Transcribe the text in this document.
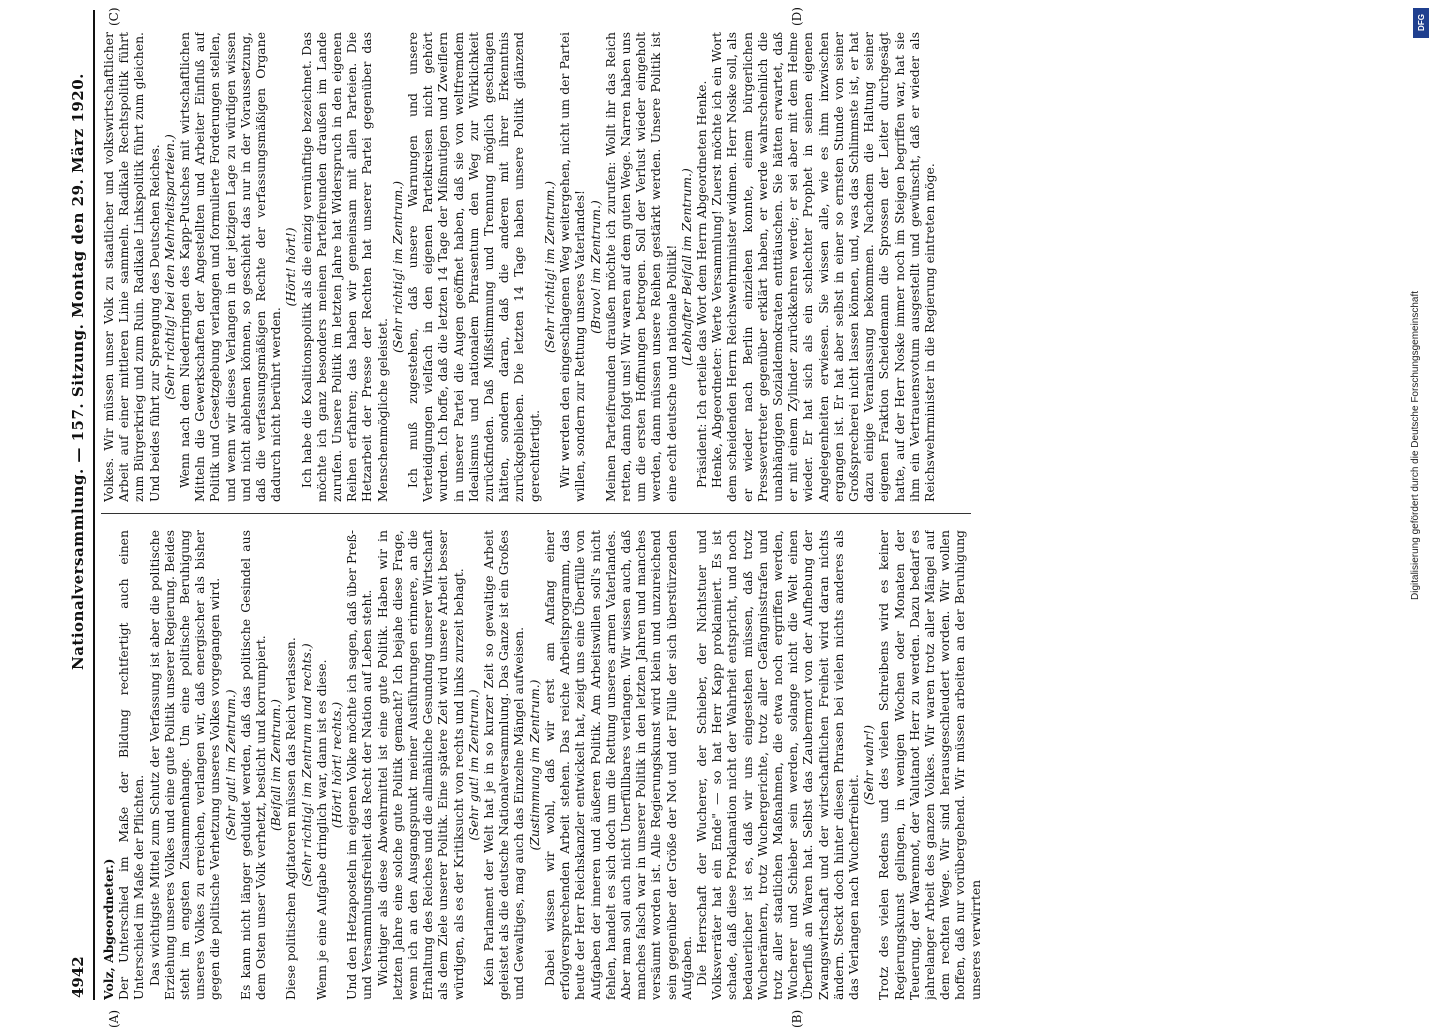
4942
Nationalversammlung. — 157. Sitzung. Montag den 29. März 1920.

Volz, Abgeordneter.) Der Unterschied im Maße der Bildung rechtfertigt auch einen Unterschied im Maße der Pflichten. Das wichtigste Mittel zum Schutz der Verfassung ist aber die politische Erziehung unseres Volkes und eine gute Politik unserer Regierung. Beides steht im engsten Zusammenhange. Um eine politische Beruhigung unseres Volkes zu erreichen, verlangen wir, daß energischer als bisher gegen die politische Verhetzung unseres Volkes vorgegangen wird. (Sehr gut! im Zentrum.) Es kann nicht länger geduldet werden, daß das politische Gesindel aus dem Osten unser Volk verhetzt, besticht und korrumpiert. (Beifall im Zentrum.) Diese politischen Agitatoren müssen das Reich verlassen. (Sehr richtig! im Zentrum und rechts.) Wenn je eine Aufgabe dringlich war, dann ist es diese. (Hört! hört! rechts.) Und den Hetzaposteln im eigenen Volke möchte ich sagen, daß über Preß- und Versammlungsfreiheit das Recht der Nation auf Leben steht. Wichtiger als diese Abwehrmittel ist eine gute Politik. Haben wir in letzten Jahre eine solche gute Politik gemacht? Ich bejahe diese Frage, wenn ich an den Ausgangspunkt meiner Ausführungen erinnere, an die Erhaltung des Reiches und die allmähliche Gesundung unserer Wirtschaft als dem Ziele unserer Politik. Eine spätere Zeit wird unsere Arbeit besser würdigen, als es der Kritiksucht von rechts und links zurzeit behagt. (Sehr gut! im Zentrum.) Kein Parlament der Welt hat je in so kurzer Zeit so gewaltige Arbeit geleistet als die deutsche Nationalversammlung. Das Ganze ist ein Großes und Gewaltiges, mag auch das Einzelne Mängel aufweisen. (Zustimmung im Zentrum.) Dabei wissen wir wohl, daß wir erst am Anfang einer erfolgversprechenden Arbeit stehen. Das reiche Arbeitsprogramm, das heute der Herr Reichskanzler entwickelt hat, zeigt uns eine Überfülle von Aufgaben der inneren und äußeren Politik. Am Arbeitswillen soll's nicht fehlen, handelt es sich doch um die Rettung unseres armen Vaterlandes. Aber man soll auch nicht Unerfüllbares verlangen. Wir wissen auch, daß manches falsch war in unserer Politik in den letzten Jahren und manches versäumt worden ist. Alle Regierungskunst wird klein und unzureichend sein gegenüber der Größe der Not und der Fülle der sich überstürzenden Aufgaben. Die Herrschaft der Wucherer, der Schieber, der Nichtstuer und Volksverräter hat ein Ende" — so hat Herr Kapp proklamiert. Es ist schade, daß diese Proklamation nicht der Wahrheit entspricht, und noch bedauerlicher ist es, daß wir uns eingestehen müssen, daß trotz Wucherämtern, trotz Wuchergerichte, trotz aller Gefängnisstrafen und trotz aller staatlichen Maßnahmen, die etwa noch ergriffen werden, Wucherer und Schieber sein werden, solange nicht die Welt einen Überfluß an Waren hat. Selbst das Zaubermort von der Aufhebung der Zwangswirtschaft und der wirtschaftlichen Freiheit wird daran nichts ändern. Steckt doch hinter diesen Phrasen bei vielen nichts anderes als das Verlangen nach Wucherfreiheit.

(Sehr wahr!) Trotz des vielen Redens und des vielen Schreibens wird es keiner Regierungskunst gelingen, in wenigen Wochen oder Monaten der Teuerung, der Warennot, der Valutanot Herr zu werden. Dazu bedarf es jahrelanger Arbeit des ganzen Volkes. Wir waren trotz aller Mängel auf dem rechten Wege. Wir sind herausgeschleudert worden. Wir wollen hoffen, daß nur vorübergehend. Wir müssen arbeiten an der Beruhigung unseres verwirrten

Volkes. Wir müssen unser Volk zu staatlicher und volkswirtschaftlicher Arbeit auf einer mittleren Linie sammeln. Radikale Rechtspolitik führt zum Bürgerkrieg und zum Ruin. Radikale Linkspolitik führt zum gleichen. Und beides führt zur Sprengung des Deutschen Reiches. (Sehr richtig! bei den Mehrheitsparteien.) Wenn nach dem Niederringen des Kapp-Putsches mit wirtschaftlichen Mitteln die Gewerkschaften der Angestellten und Arbeiter Einfluß auf Politik und Gesetzgebung verlangen und formulierte Forderungen stellen, und wenn wir dieses Verlangen in der jetzigen Lage zu würdigen wissen und nicht ablehnen können, so geschieht das nur in der Voraussetzung, daß die verfassungsmäßigen Rechte der verfassungsmäßigen Organe dadurch nicht berührt werden.

(Hört! hört!) Ich habe die Koalitionspolitik als die einzig vernünftige bezeichnet. Das möchte ich ganz besonders meinen Parteifreunden draußen im Lande zurufen. Unsere Politik im letzten Jahre hat Widerspruch in den eigenen Reihen erfahren; das haben wir gemeinsam mit allen Parteien. Die Hetzarbeit der Presse der Rechten hat unserer Partei gegenüber das Menschenmögliche geleistet.

(Sehr richtig! im Zentrum.) Ich muß zugestehen, daß unsere Warnungen und unsere Verteidigungen vielfach in den eigenen Parteikreisen nicht gehört wurden. Ich hoffe, daß die letzten 14 Tage der Mißmutigen und Zweiflern in unserer Partei die Augen geöffnet haben, daß sie von weltfremdem Idealismus und nationalem Phrasentum den Weg zur Wirklichkeit zurückfinden. Daß Mißstimmung und Trennung möglich geschlagen hätten, sondern daran, daß die anderen mit ihrer Erkenntnis zurückgeblieben. Die letzten 14 Tage haben unsere Politik glänzend gerechtfertigt.

(Sehr richtig! im Zentrum.) Wir werden den eingeschlagenen Weg weitergehen, nicht um der Partei willen, sondern zur Rettung unseres Vaterlandes! (Bravo! im Zentrum.) Meinen Parteifreunden draußen möchte ich zurufen: Wollt ihr das Reich retten, dann folgt uns! Wir waren auf dem guten Wege. Narren haben uns um die ersten Hoffnungen betrogen. Soll der Verlust wieder eingeholt werden, dann müssen unsere Reihen gestärkt werden. Unsere Politik ist eine echt deutsche und nationale Politik! (Lebhafter Beifall im Zentrum.) Präsident: Ich erteile das Wort dem Herrn Abgeordneten Henke. Henke, Abgeordneter: Werte Versammlung! Zuerst möchte ich ein Wort dem scheidenden Herrn Reichswehrminister widmen. Herr Noske soll, als er wieder nach Berlin einziehen konnte, einem bürgerlichen Pressevertreter gegenüber erklärt haben, er werde wahrscheinlich die unabhängigen Sozialdemokraten entttäuschen. Sie hätten erwartet, daß er mit einem Zylinder zurückkehren werde; er sei aber mit dem Helme wieder. Er hat sich als ein schlechter Prophet in seinen eigenen Angelegenheiten erwiesen. Sie wissen alle, wie es ihm inzwischen ergangen ist. Er hat aber selbst in einer so ernsten Stunde von seiner Großsprecherei nicht lassen können, und, was das Schlimmste ist, er hat dazu einige Veranlassung bekommen. Nachdem die Haltung seiner eigenen Fraktion Scheidemann die Sprossen der Leiter durchgesägt hatte, auf der Herr Noske immer noch im Steigen begriffen war, hat sie ihm ein Vertrauensvotum ausgestellt und gewünscht, daß er wieder als Reichswehrminister in die Regierung eintreten möge.

(A)	(B)
(C)	(D)
Digitalisierung gefördert durch die Deutsche Forschungsgemeinschaft
DFG
